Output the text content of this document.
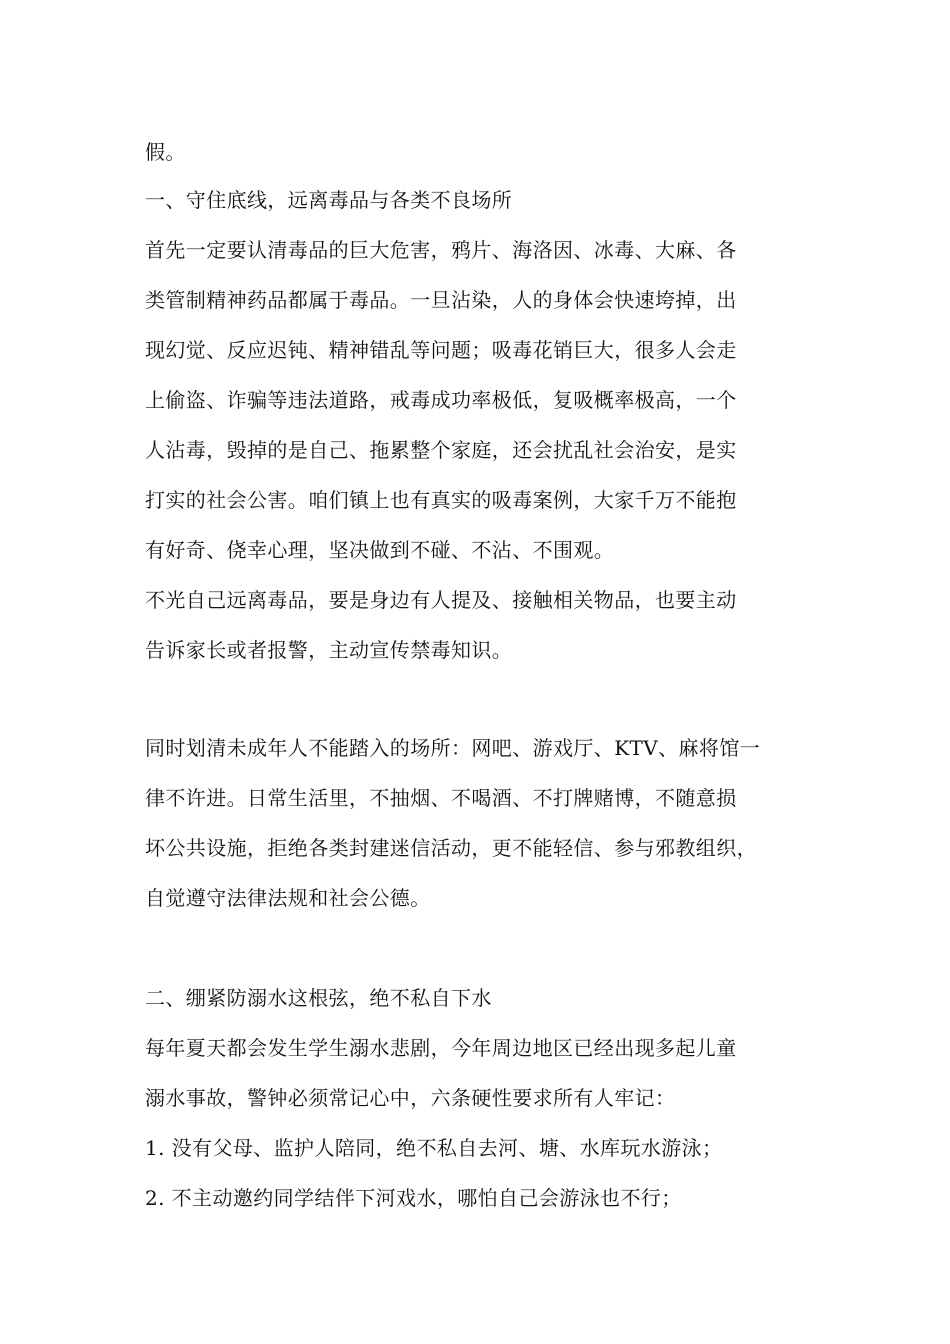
假。
一、守住底线，远离毒品与各类不良场所
首先一定要认清毒品的巨大危害，鸦片、海洛因、冰毒、大麻、各
类管制精神药品都属于毒品。一旦沾染，人的身体会快速垮掉，出
现幻觉、反应迟钝、精神错乱等问题；吸毒花销巨大，很多人会走
上偷盗、诈骗等违法道路，戒毒成功率极低，复吸概率极高，一个
人沾毒，毁掉的是自己、拖累整个家庭，还会扰乱社会治安，是实
打实的社会公害。咱们镇上也有真实的吸毒案例，大家千万不能抱
有好奇、侥幸心理，坚决做到不碰、不沾、不围观。
不光自己远离毒品，要是身边有人提及、接触相关物品，也要主动
告诉家长或者报警，主动宣传禁毒知识。
同时划清未成年人不能踏入的场所：网吧、游戏厅、KTV、麻将馆一
律不许进。日常生活里，不抽烟、不喝酒、不打牌赌博，不随意损
坏公共设施，拒绝各类封建迷信活动，更不能轻信、参与邪教组织，
自觉遵守法律法规和社会公德。
二、绷紧防溺水这根弦，绝不私自下水
每年夏天都会发生学生溺水悲剧，今年周边地区已经出现多起儿童
溺水事故，警钟必须常记心中，六条硬性要求所有人牢记：
1. 没有父母、监护人陪同，绝不私自去河、塘、水库玩水游泳；
2. 不主动邀约同学结伴下河戏水，哪怕自己会游泳也不行；
